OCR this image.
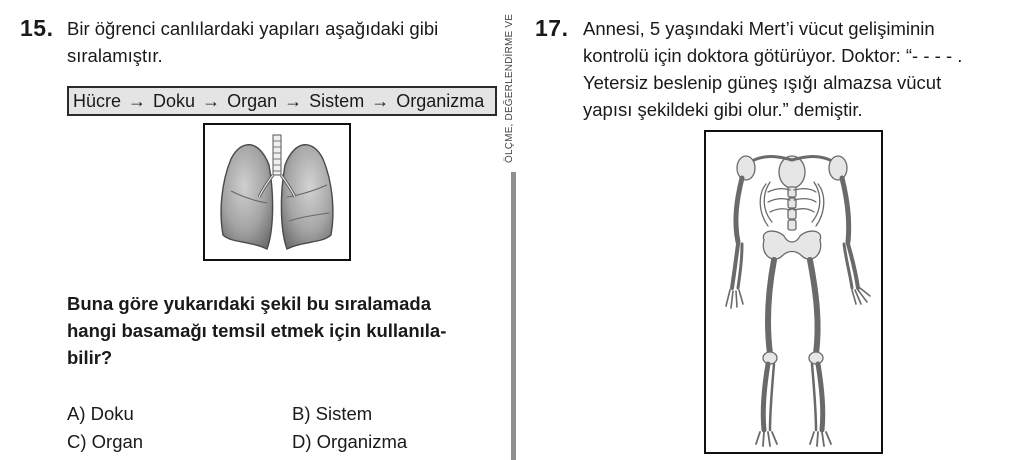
15. Bir öğrenci canlılardaki yapıları aşağıdaki gibi
sıralamıştır.
Hücre → Doku → Organ → Sistem → Organizma
Buna göre yukarıdaki şekil bu sıralamada
hangi basamağı temsil etmek için kullanıla-
bilir?
A) Doku	B) Sistem
C) Organ	D) Organizma
ÖLÇME, DEĞERLENDİRME VE 17. Annesi, 5 yaşındaki Mert’i vücut gelişiminin
kontrolü için doktora götürüyor. Doktor: “- - - - .
Yetersiz beslenip güneş ışığı almazsa vücut
yapısı şekildeki gibi olur.” demiştir.
